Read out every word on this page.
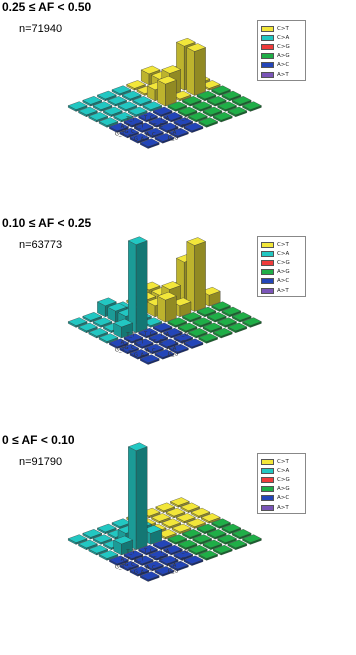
T_G
T_A
C_G
T_C
C_C
A_A
G_G
T_T
C_T
A_C
G_C
A_T
G_A
G_T
0.25 ≤ AF < 0.50
n=71940	C>T
C>A
C>G
A>G
A>C
A>T
T_G
T_A
C_G
T_C
C_C
A_A
G_G
T_T
C_T
A_C
G_C
A_T
G_A
G_T
0.10 ≤ AF < 0.25
n=63773	C>T
C>A
C>G
A>G
A>C
A>T
T_G
T_A
C_G
T_C
C_C
A_A
G_G
T_T
C_T
A_C
G_C
A_T
G_A
G_T
0 ≤ AF < 0.10
n=91790	C>T
C>A
C>G
A>G
A>C
A>T
